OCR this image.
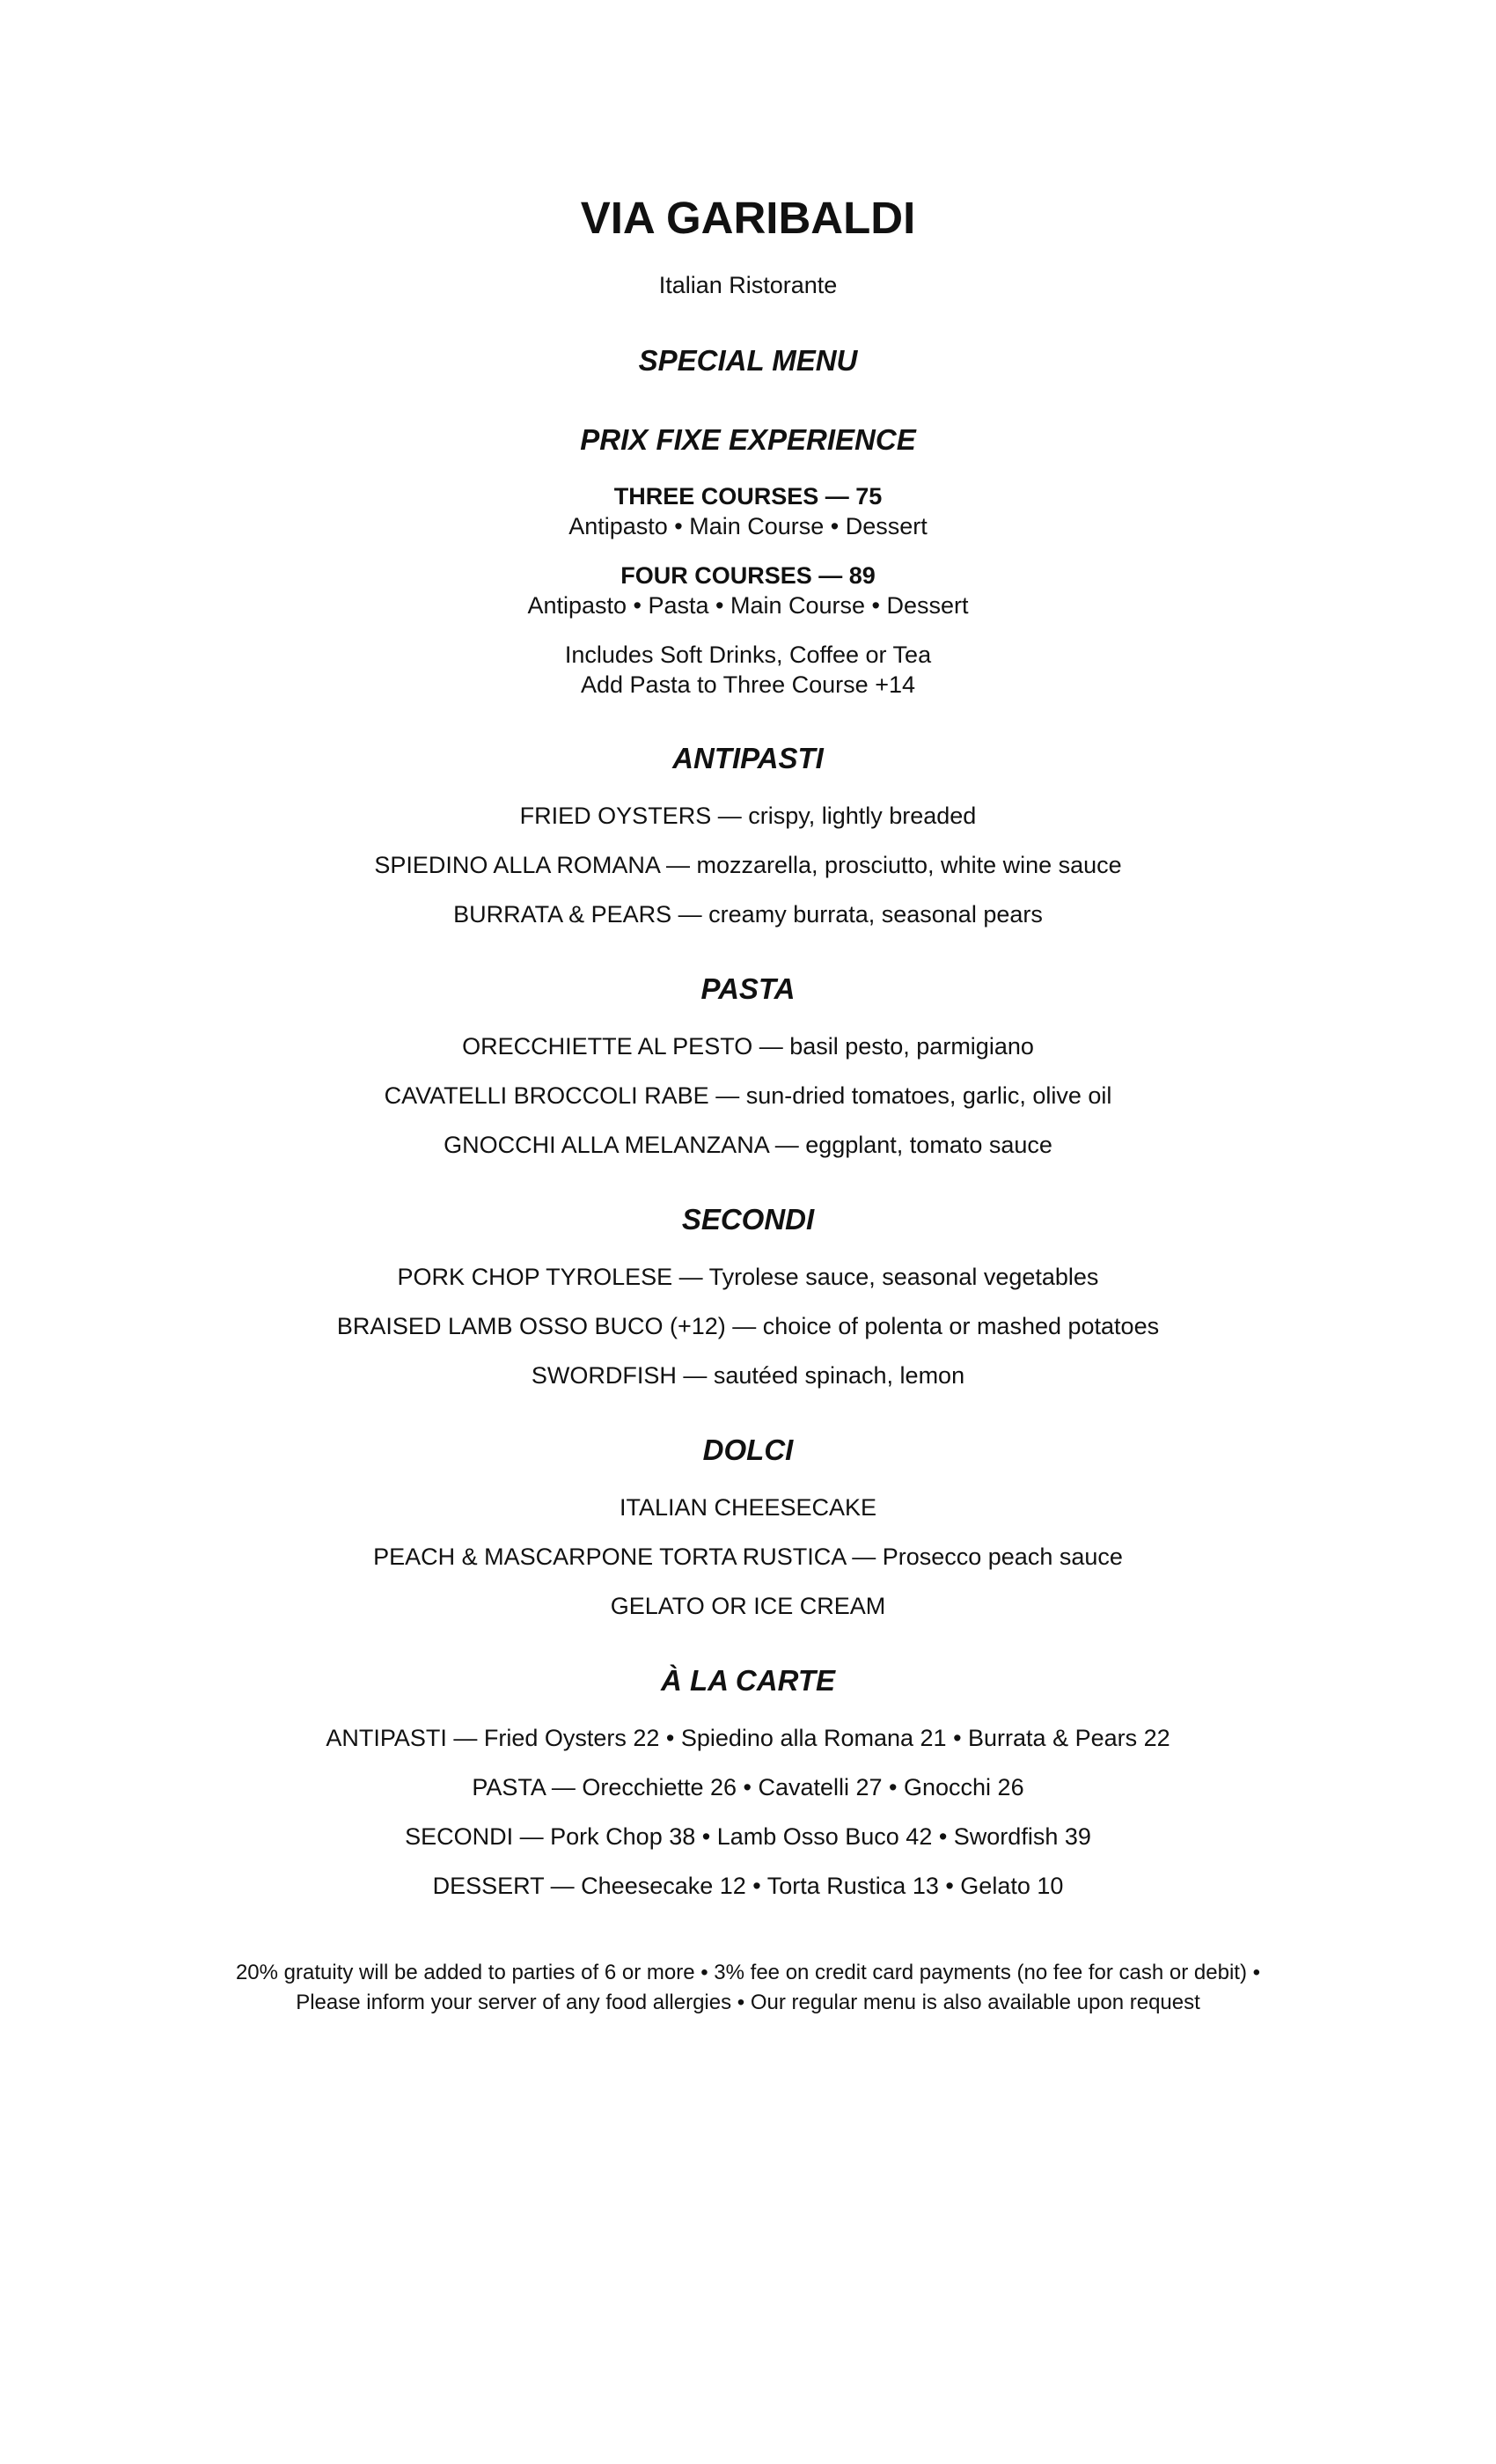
VIA GARIBALDI
Italian Ristorante
SPECIAL MENU
PRIX FIXE EXPERIENCE
THREE COURSES — 75
Antipasto • Main Course • Dessert
FOUR COURSES — 89
Antipasto • Pasta • Main Course • Dessert
Includes Soft Drinks, Coffee or Tea
Add Pasta to Three Course +14
ANTIPASTI
FRIED OYSTERS — crispy, lightly breaded
SPIEDINO ALLA ROMANA — mozzarella, prosciutto, white wine sauce
BURRATA & PEARS — creamy burrata, seasonal pears
PASTA
ORECCHIETTE AL PESTO — basil pesto, parmigiano
CAVATELLI BROCCOLI RABE — sun-dried tomatoes, garlic, olive oil
GNOCCHI ALLA MELANZANA — eggplant, tomato sauce
SECONDI
PORK CHOP TYROLESE — Tyrolese sauce, seasonal vegetables
BRAISED LAMB OSSO BUCO (+12) — choice of polenta or mashed potatoes
SWORDFISH — sautéed spinach, lemon
DOLCI
ITALIAN CHEESECAKE
PEACH & MASCARPONE TORTA RUSTICA — Prosecco peach sauce
GELATO OR ICE CREAM
À LA CARTE
ANTIPASTI — Fried Oysters 22 • Spiedino alla Romana 21 • Burrata & Pears 22
PASTA — Orecchiette 26 • Cavatelli 27 • Gnocchi 26
SECONDI — Pork Chop 38 • Lamb Osso Buco 42 • Swordfish 39
DESSERT — Cheesecake 12 • Torta Rustica 13 • Gelato 10
20% gratuity will be added to parties of 6 or more • 3% fee on credit card payments (no fee for cash or debit) •
Please inform your server of any food allergies • Our regular menu is also available upon request
